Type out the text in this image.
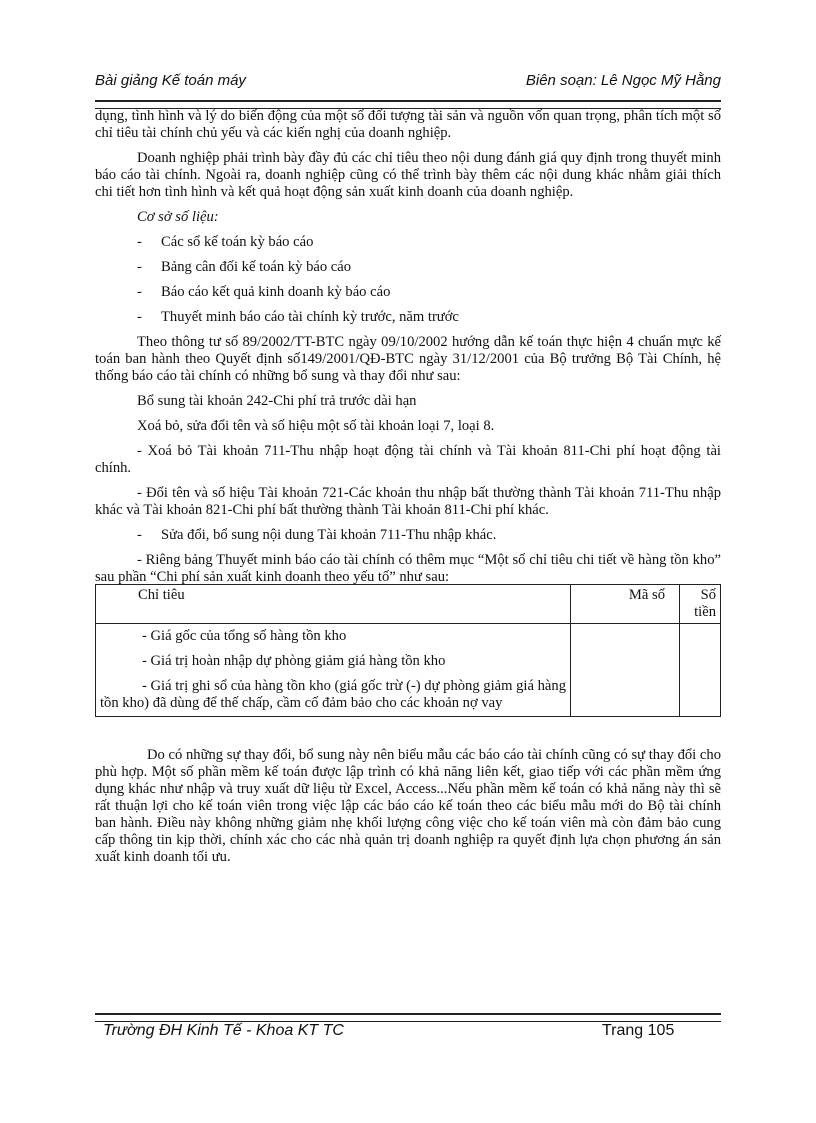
Bài giảng Kế toán máy	Biên soạn: Lê Ngọc Mỹ Hằng

dụng, tình hình và lý do biến động của một số đối tượng tài sản và nguồn vốn quan trọng, phân tích một số chỉ tiêu tài chính chủ yếu và các kiến nghị của doanh nghiệp.

Doanh nghiệp phải trình bày đầy đủ các chỉ tiêu theo nội dung đánh giá quy định trong thuyết minh báo cáo tài chính. Ngoài ra, doanh nghiệp cũng có thể trình bày thêm các nội dung khác nhằm giải thích chi tiết hơn tình hình và kết quả hoạt động sản xuất kinh doanh của doanh nghiệp.

Cơ sở số liệu:

-	Các sổ kế toán kỳ báo cáo

-	Bảng cân đối kế toán kỳ báo cáo

-	Báo cáo kết quả kinh doanh kỳ báo cáo

-	Thuyết minh báo cáo tài chính kỳ trước, năm trước

Theo thông tư số 89/2002/TT-BTC ngày 09/10/2002 hướng dẫn kế toán thực hiện 4 chuẩn mực kế toán ban hành theo Quyết định số149/2001/QĐ-BTC ngày 31/12/2001 của Bộ trưởng Bộ Tài Chính, hệ thống báo cáo tài chính có những bổ sung và thay đổi như sau:

Bổ sung tài khoản 242-Chi phí trả trước dài hạn

Xoá bỏ, sửa đổi tên và số hiệu một số tài khoản loại 7, loại 8.

- Xoá bỏ Tài khoản 711-Thu nhập hoạt động tài chính và Tài khoản 811-Chi phí hoạt động tài chính.

- Đổi tên và số hiệu Tài khoản 721-Các khoản thu nhập bất thường thành Tài khoản 711-Thu nhập khác và Tài khoản 821-Chi phí bất thường thành Tài khoản 811-Chi phí khác.

-	Sửa đổi, bổ sung nội dung Tài khoản 711-Thu nhập khác.

- Riêng bảng Thuyết minh báo cáo tài chính có thêm mục “Một số chỉ tiêu chi tiết về hàng tồn kho” sau phần “Chi phí sản xuất kinh doanh theo yếu tố” như sau:

Chỉ tiêu	Mã số	Số tiền

- Giá gốc của tổng số hàng tồn kho

- Giá trị hoàn nhập dự phòng giảm giá hàng tồn kho

- Giá trị ghi sổ của hàng tồn kho (giá gốc trừ (-) dự phòng giảm giá hàng tồn kho) đã dùng để thế chấp, cầm cố đảm bảo cho các khoản nợ vay		

Do có những sự thay đổi, bổ sung này nên biểu mẫu các báo cáo tài chính cũng có sự thay đổi cho phù hợp. Một số phần mềm kế toán được lập trình có khả năng liên kết, giao tiếp với các phần mềm ứng dụng khác như nhập và truy xuất dữ liệu từ Excel, Access...Nếu phần mềm kế toán có khả năng này thì sẽ rất thuận lợi cho kế toán viên trong việc lập các báo cáo kế toán theo các biểu mẫu mới do Bộ tài chính ban hành. Điều này không những giảm nhẹ khối lượng công việc cho kế toán viên mà còn đảm bảo cung cấp thông tin kịp thời, chính xác cho các nhà quản trị doanh nghiệp ra quyết định lựa chọn phương án sản xuất kinh doanh tối ưu.

Trường ĐH Kinh Tế - Khoa KT TC	Trang 105
